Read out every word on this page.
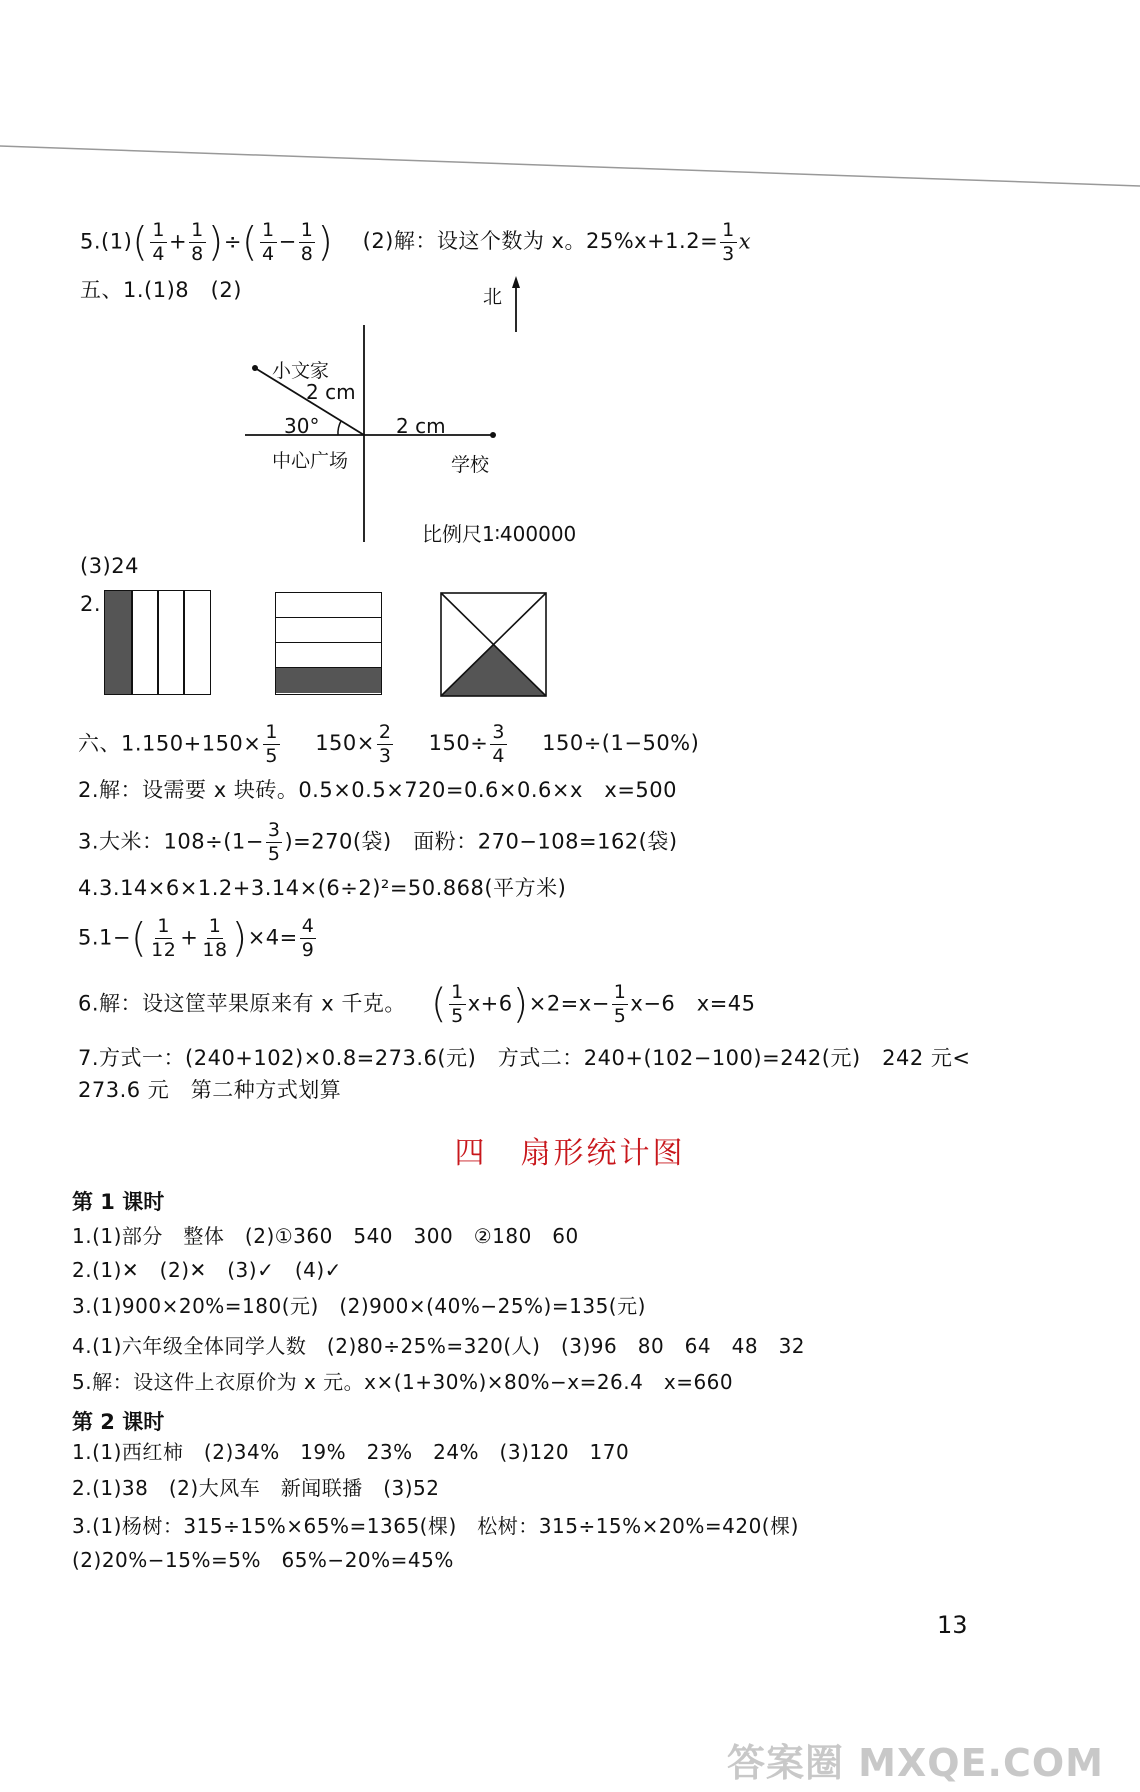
$5.(1)( \frac{1}{4} + \frac{1}{8}$ )÷( $\frac{1}{4} - \frac{1}{8}$ ) (2)解：设这个数为 x。$25\%x+1.2= \frac{1}{3}$ x
五、1.(1)8　(2)	北
小文家
2 cm
30°	2 cm
中心广场	学校
比例尺1∶400000
(3)24
2.
六、$1.150+150\times \frac{1}{5} 150\times \frac{2}{3} 150\div \frac{3}{4} 150\div(1-50\%)$
2.解：设需要 x 块砖。0.5×0.5×720=0.6×0.6×x　x=500
3.大米：$108\div(1- \frac{3}{5} )=270$(袋)　面粉：270−108=162(袋)
4.3.14×6×1.2+3.14×(6÷2)²=50.868(平方米)
$5.1-( \frac{1}{12} + \frac{1}{18} )\times 4= \frac{4}{9}$
6.解：设这筐苹果原来有 x 千克。 ( $\frac{1}{5} x+6)\times 2=x- \frac{1}{5} x-6$　x=45
7.方式一：(240+102)×0.8=273.6(元)　方式二：240+(102−100)=242(元)　242 元<
273.6 元　第二种方式划算
四　扇形统计图
第 1 课时
1.(1)部分　整体　(2)①360　540　300　②180　60
2.(1)✕　(2)✕　(3)✓　(4)✓
3.(1)900×20%=180(元)　(2)900×(40%−25%)=135(元)
4.(1)六年级全体同学人数　(2)80÷25%=320(人)　(3)96　80　64　48　32
5.解：设这件上衣原价为 x 元。x×(1+30%)×80%−x=26.4　x=660
第 2 课时
1.(1)西红柿　(2)34%　19%　23%　24%　(3)120　170
2.(1)38　(2)大风车　新闻联播　(3)52
3.(1)杨树：315÷15%×65%=1365(棵)　松树：315÷15%×20%=420(棵)
(2)20%−15%=5%　65%−20%=45%
13
答案圈 MXQE.COM
